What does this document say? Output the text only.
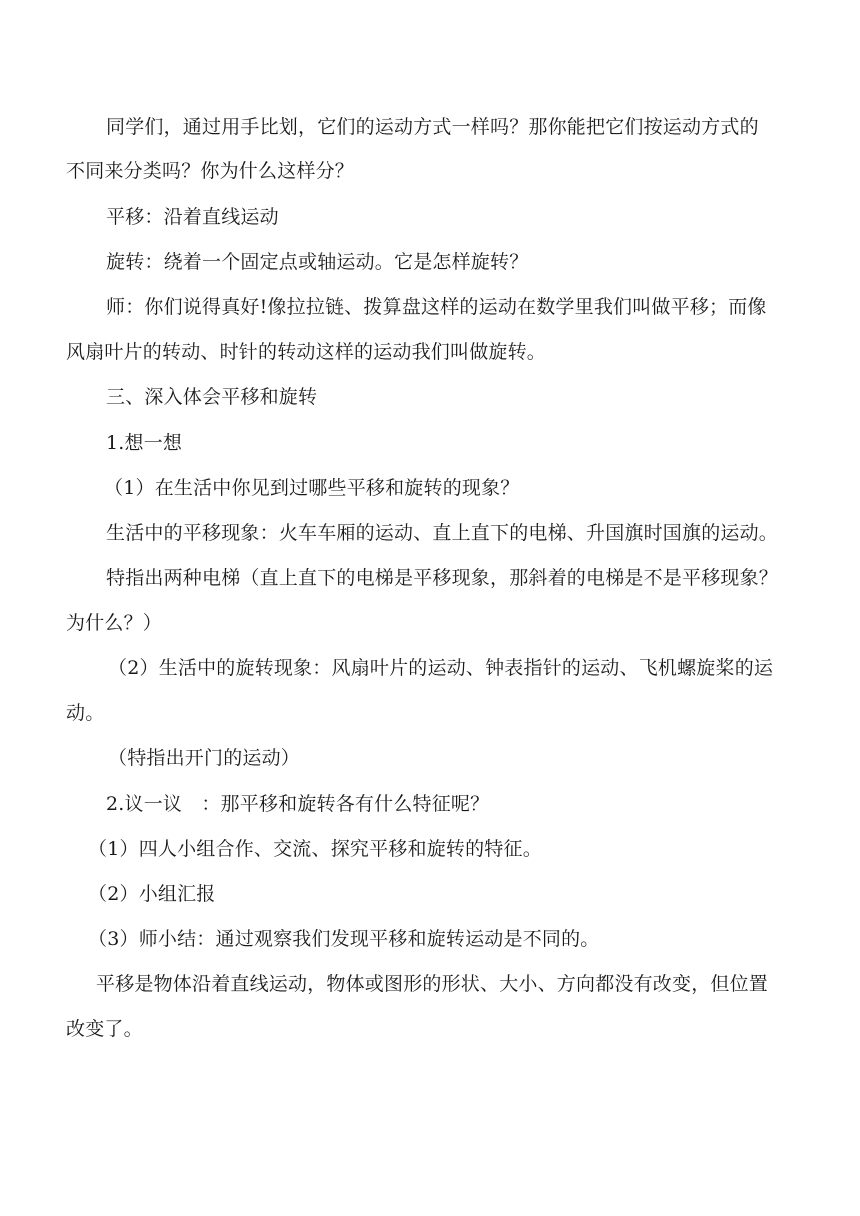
同学们，通过用手比划，它们的运动方式一样吗？那你能把它们按运动方式的
不同来分类吗？你为什么这样分？
平移：沿着直线运动
旋转：绕着一个固定点或轴运动。它是怎样旋转？
师：你们说得真好!像拉拉链、拨算盘这样的运动在数学里我们叫做平移；而像
风扇叶片的转动、时针的转动这样的运动我们叫做旋转。
三、深入体会平移和旋转
1.想一想
（1）在生活中你见到过哪些平移和旋转的现象？
生活中的平移现象：火车车厢的运动、直上直下的电梯、升国旗时国旗的运动。
特指出两种电梯（直上直下的电梯是平移现象，那斜着的电梯是不是平移现象？
为什么？）
（2）生活中的旋转现象：风扇叶片的运动、钟表指针的运动、飞机螺旋桨的运
动。
（特指出开门的运动）
2.议一议　：那平移和旋转各有什么特征呢？
（1）四人小组合作、交流、探究平移和旋转的特征。
（2）小组汇报
（3）师小结：通过观察我们发现平移和旋转运动是不同的。
平移是物体沿着直线运动，物体或图形的形状、大小、方向都没有改变，但位置
改变了。
